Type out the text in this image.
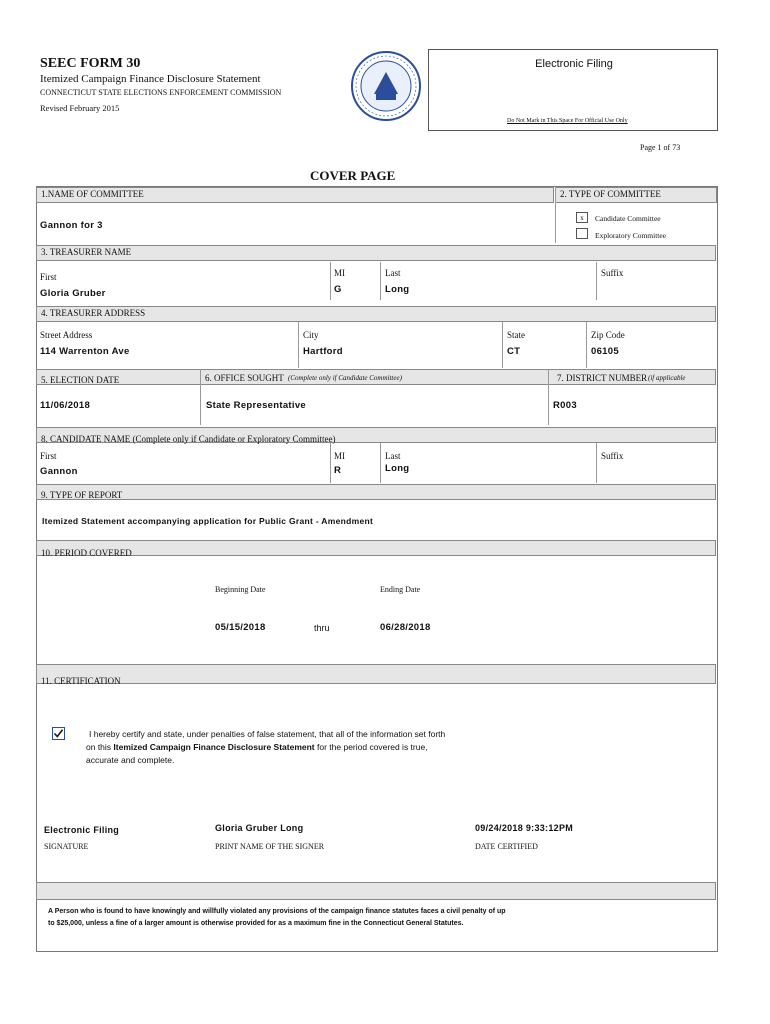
SEEC FORM 30
Itemized Campaign Finance Disclosure Statement
CONNECTICUT STATE ELECTIONS ENFORCEMENT COMMISSION
Revised February 2015
Electronic Filing
Do Not Mark in This Space For Official Use Only
Page 1 of 73
COVER PAGE
1.NAME OF COMMITTEE	2. TYPE OF COMMITTEE
Gannon for 3
x	Candidate Committee
Exploratory Committee
3. TREASURER NAME
First
Gloria Gruber
MI
G
Last
Long
Suffix
4. TREASURER ADDRESS
Street Address
114 Warrenton Ave
City
Hartford
State
CT
Zip Code
06105
5. ELECTION DATE	6. OFFICE SOUGHT (Complete only if Candidate Committee)	7. DISTRICT NUMBER (if applicable
11/06/2018	State Representative	R003
8. CANDIDATE NAME (Complete only if Candidate or Exploratory Committee)
First
Gannon
MI
R
Last
Long
Suffix
9. TYPE OF REPORT
Itemized Statement accompanying application for Public Grant - Amendment
10. PERIOD COVERED
Beginning Date	Ending Date
05/15/2018	thru	06/28/2018
11. CERTIFICATION
I hereby certify and state, under penalties of false statement, that all of the information set forth
on this Itemized Campaign Finance Disclosure Statement for the period covered is true,
accurate and complete.
Electronic Filing
SIGNATURE
Gloria Gruber Long
PRINT NAME OF THE SIGNER
09/24/2018 9:33:12PM
DATE CERTIFIED
A Person who is found to have knowingly and willfully violated any provisions of the campaign finance statutes faces a civil penalty of up
to $25,000, unless a fine of a larger amount is otherwise provided for as a maximum fine in the Connecticut General Statutes.
